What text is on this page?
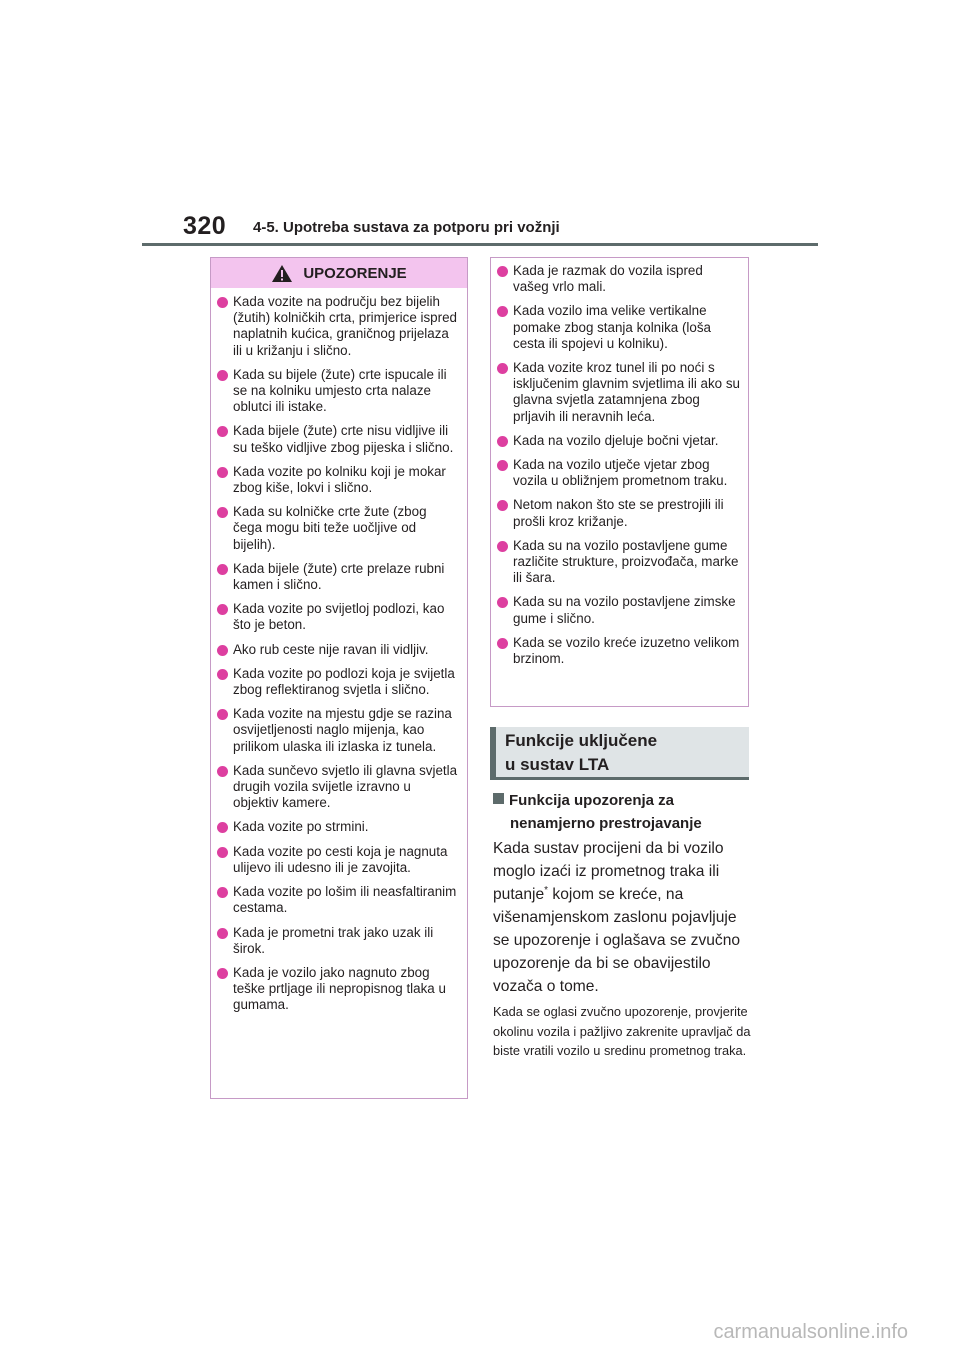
320 4-5. Upotreba sustava za potporu pri vožnji
UPOZORENJE
Kada vozite na području bez bijelih (žutih) kolničkih crta, primjerice ispred naplatnih kućica, graničnog prijelaza ili u križanju i slično.
Kada su bijele (žute) crte ispucale ili se na kolniku umjesto crta nalaze oblutci ili istake.
Kada bijele (žute) crte nisu vidljive ili su teško vidljive zbog pijeska i slično.
Kada vozite po kolniku koji je mokar zbog kiše, lokvi i slično.
Kada su kolničke crte žute (zbog čega mogu biti teže uočljive od bijelih).
Kada bijele (žute) crte prelaze rubni kamen i slično.
Kada vozite po svijetloj podlozi, kao što je beton.
Ako rub ceste nije ravan ili vidljiv.
Kada vozite po podlozi koja je svijetla zbog reflektiranog svjetla i slično.
Kada vozite na mjestu gdje se razina osvijetljenosti naglo mijenja, kao prilikom ulaska ili izlaska iz tunela.
Kada sunčevo svjetlo ili glavna svjetla drugih vozila svijetle izravno u objektiv kamere.
Kada vozite po strmini.
Kada vozite po cesti koja je nagnuta ulijevo ili udesno ili je zavojita.
Kada vozite po lošim ili neasfaltiranim cestama.
Kada je prometni trak jako uzak ili širok.
Kada je vozilo jako nagnuto zbog teške prtljage ili nepropisnog tlaka u gumama.
Kada je razmak do vozila ispred vašeg vrlo mali.
Kada vozilo ima velike vertikalne pomake zbog stanja kolnika (loša cesta ili spojevi u kolniku).
Kada vozite kroz tunel ili po noći s isključenim glavnim svjetlima ili ako su glavna svjetla zatamnjena zbog prljavih ili neravnih leća.
Kada na vozilo djeluje bočni vjetar.
Kada na vozilo utječe vjetar zbog vozila u obližnjem prometnom traku.
Netom nakon što ste se prestrojili ili prošli kroz križanje.
Kada su na vozilo postavljene gume različite strukture, proizvođača, marke ili šara.
Kada su na vozilo postavljene zimske gume i slično.
Kada se vozilo kreće izuzetno velikom brzinom.
Funkcije uključene
u sustav LTA
Funkcija upozorenja za
nenamjerno prestrojavanje
Kada sustav procijeni da bi vozilo moglo izaći iz prometnog traka ili putanje* kojom se kreće, na višenamjenskom zaslonu pojavljuje se upozorenje i oglašava se zvučno upozorenje da bi se obavijestilo vozača o tome.
Kada se oglasi zvučno upozorenje, provjerite okolinu vozila i pažljivo zakrenite upravljač da biste vratili vozilo u sredinu prometnog traka.
carmanualsonline.info
